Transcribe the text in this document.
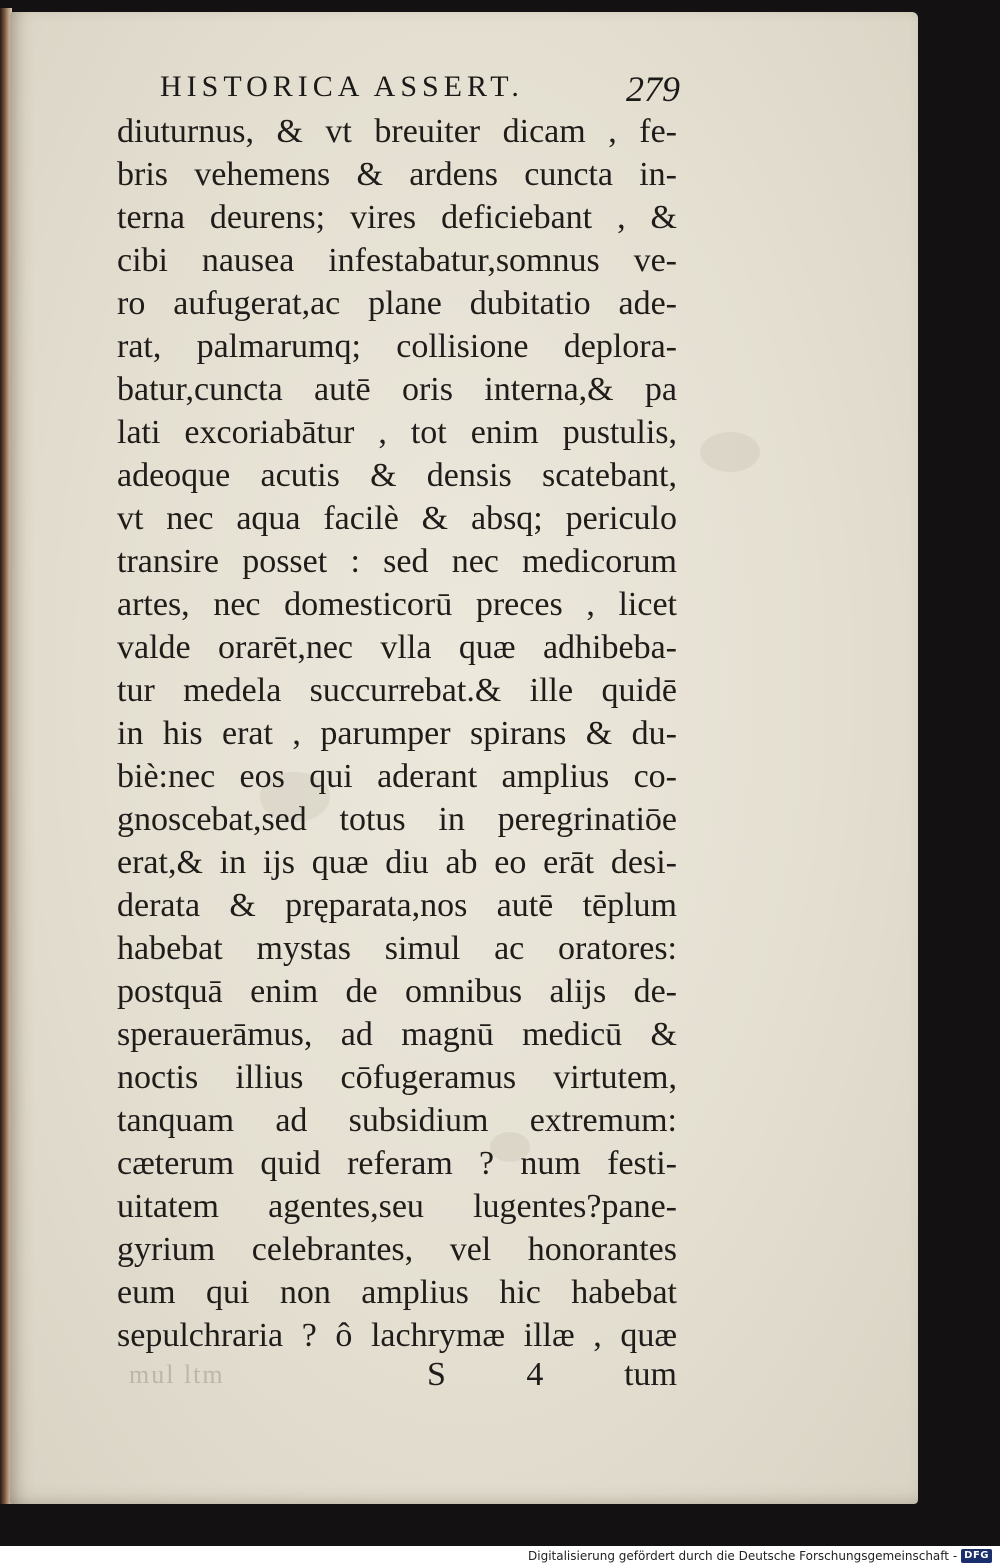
HISTORICA ASSERT.	279
diuturnus, & vt breuiter dicam , fe-
bris vehemens & ardens cuncta in-
terna deurens; vires deficiebant , &
cibi nausea infestabatur,somnus ve-
ro aufugerat,ac plane dubitatio ade-
rat, palmarumq; collisione deplora-
batur,cuncta autē oris interna,& pa
lati excoriabātur , tot enim pustulis,
adeoque acutis & densis scatebant,
vt nec aqua facilè & absq; periculo
transire posset : sed nec medicorum
artes, nec domesticorū preces , licet
valde orarēt,nec vlla quæ adhibeba-
tur medela succurrebat.& ille quidē
in his erat , parumper spirans & du-
biè:nec eos qui aderant amplius co-
gnoscebat,sed totus in peregrinatiōe
erat,& in ijs quæ diu ab eo erāt desi-
derata & pręparata,nos autē tēplum
habebat mystas simul ac oratores:
postquā enim de omnibus alijs de-
sperauerāmus, ad magnū medicū &
noctis illius cōfugeramus virtutem,
tanquam ad subsidium extremum:
cæterum quid referam ? num festi-
uitatem agentes,seu lugentes?pane-
gyrium celebrantes, vel honorantes
eum qui non amplius hic habebat
sepulchraria ? ô lachrymæ illæ , quæ
mul ltm	S 4 tum
Digitalisierung gefördert durch die Deutsche Forschungsgemeinschaft - DFG
